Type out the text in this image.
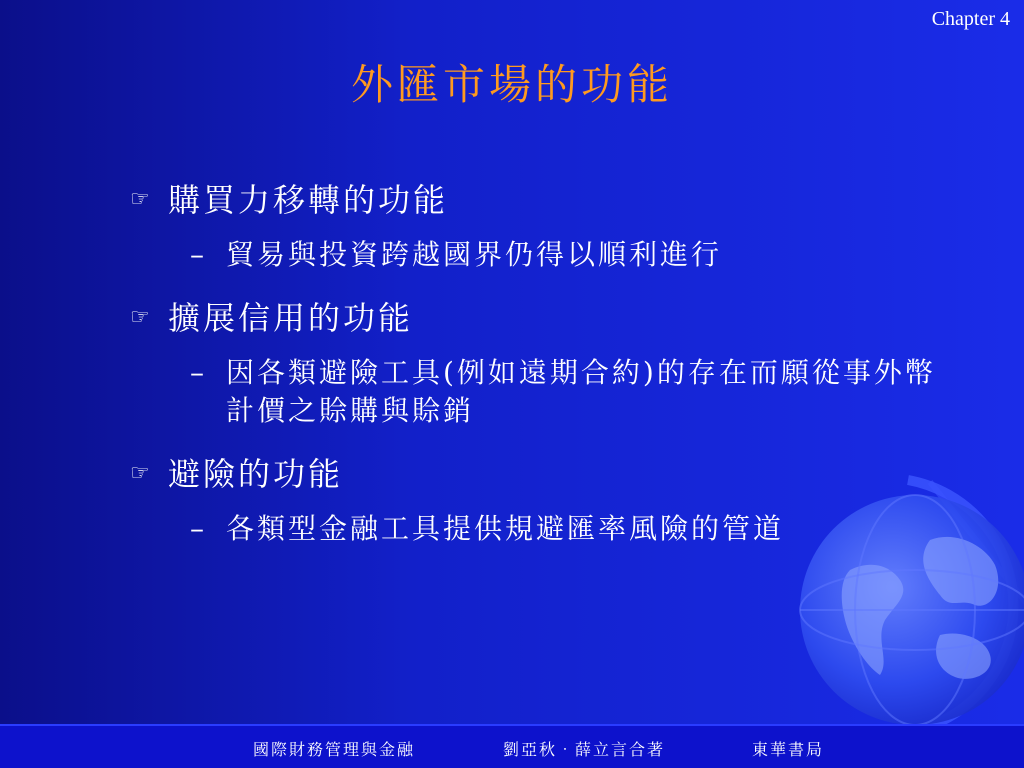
Chapter 4
外匯市場的功能
☞ 購買力移轉的功能
– 貿易與投資跨越國界仍得以順利進行
☞ 擴展信用的功能
– 因各類避險工具(例如遠期合約)的存在而願從事外幣計價之賒購與賒銷
☞ 避險的功能
– 各類型金融工具提供規避匯率風險的管道
國際財務管理與金融	劉亞秋‧薛立言合著	東華書局
